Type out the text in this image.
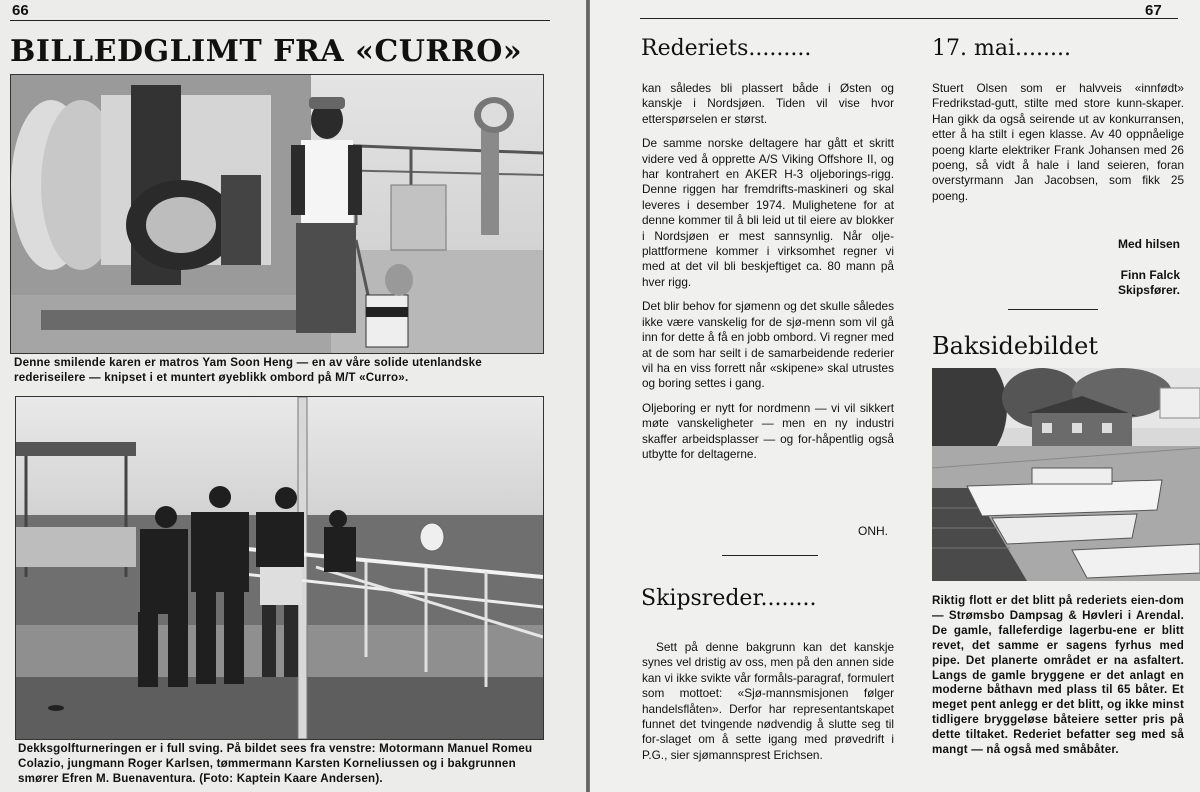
66
BILLEDGLIMT FRA «CURRO»
Denne smilende karen er matros Yam Soon Heng — en av våre solide utenlandske rederiseilere — knipset i et muntert øyeblikk ombord på M/T «Curro».
Dekksgolfturneringen er i full sving. På bildet sees fra venstre: Motormann Manuel Romeu Colazio, jungmann Roger Karlsen, tømmermann Karsten Korneliussen og i bakgrunnen smører Efren M. Buenaventura. (Foto: Kaptein Kaare Andersen).
67
Rederiets.........

kan således bli plassert både i Østen og kanskje i Nordsjøen. Tiden vil vise hvor etterspørselen er størst.

De samme norske deltagere har gått et skritt videre ved å opprette A/S Viking Offshore II, og har kontrahert en AKER H-3 oljeborings-rigg. Denne riggen har fremdrifts-maskineri og skal leveres i desember 1974. Mulighetene for at denne kommer til å bli leid ut til eiere av blokker i Nordsjøen er mest sannsynlig. Når olje-plattformene kommer i virksomhet regner vi med at det vil bli beskjeftiget ca. 80 mann på hver rigg.

Det blir behov for sjømenn og det skulle således ikke være vanskelig for de sjø-menn som vil gå inn for dette å få en jobb ombord. Vi regner med at de som har seilt i de samarbeidende rederier vil ha en viss forrett når «skipene» skal utrustes og boring settes i gang.

Oljeboring er nytt for nordmenn — vi vil sikkert møte vanskeligheter — men en ny industri skaffer arbeidsplasser — og for-håpentlig også utbytte for deltagerne.

ONH.
Skipsreder........

Sett på denne bakgrunn kan det kanskje synes vel dristig av oss, men på den annen side kan vi ikke svikte vår formåls-paragraf, formulert som mottoet: «Sjø-mannsmisjonen følger handelsflåten». Derfor har representantskapet funnet det tvingende nødvendig å slutte seg til for-slaget om å sette igang med prøvedrift i P.G., sier sjømannsprest Erichsen.

17. mai........

Stuert Olsen som er halvveis «innfødt» Fredrikstad-gutt, stilte med store kunn-skaper. Han gikk da også seirende ut av konkurransen, etter å ha stilt i egen klasse. Av 40 oppnåelige poeng klarte elektriker Frank Johansen med 26 poeng, så vidt å hale i land seieren, foran overstyrmann Jan Jacobsen, som fikk 25 poeng.

Med hilsen
Finn Falck
Skipsfører.
Baksidebildet
Riktig flott er det blitt på rederiets eien-dom — Strømsbo Dampsag & Høvleri i Arendal. De gamle, falleferdige lagerbu-ene er blitt revet, det samme er sagens fyrhus med pipe. Det planerte området er na asfaltert. Langs de gamle bryggene er det anlagt en moderne båthavn med plass til 65 båter. Et meget pent anlegg er det blitt, og ikke minst tidligere bryggeløse båteiere setter pris på dette tiltaket. Rederiet befatter seg med så mangt — nå også med småbåter.
